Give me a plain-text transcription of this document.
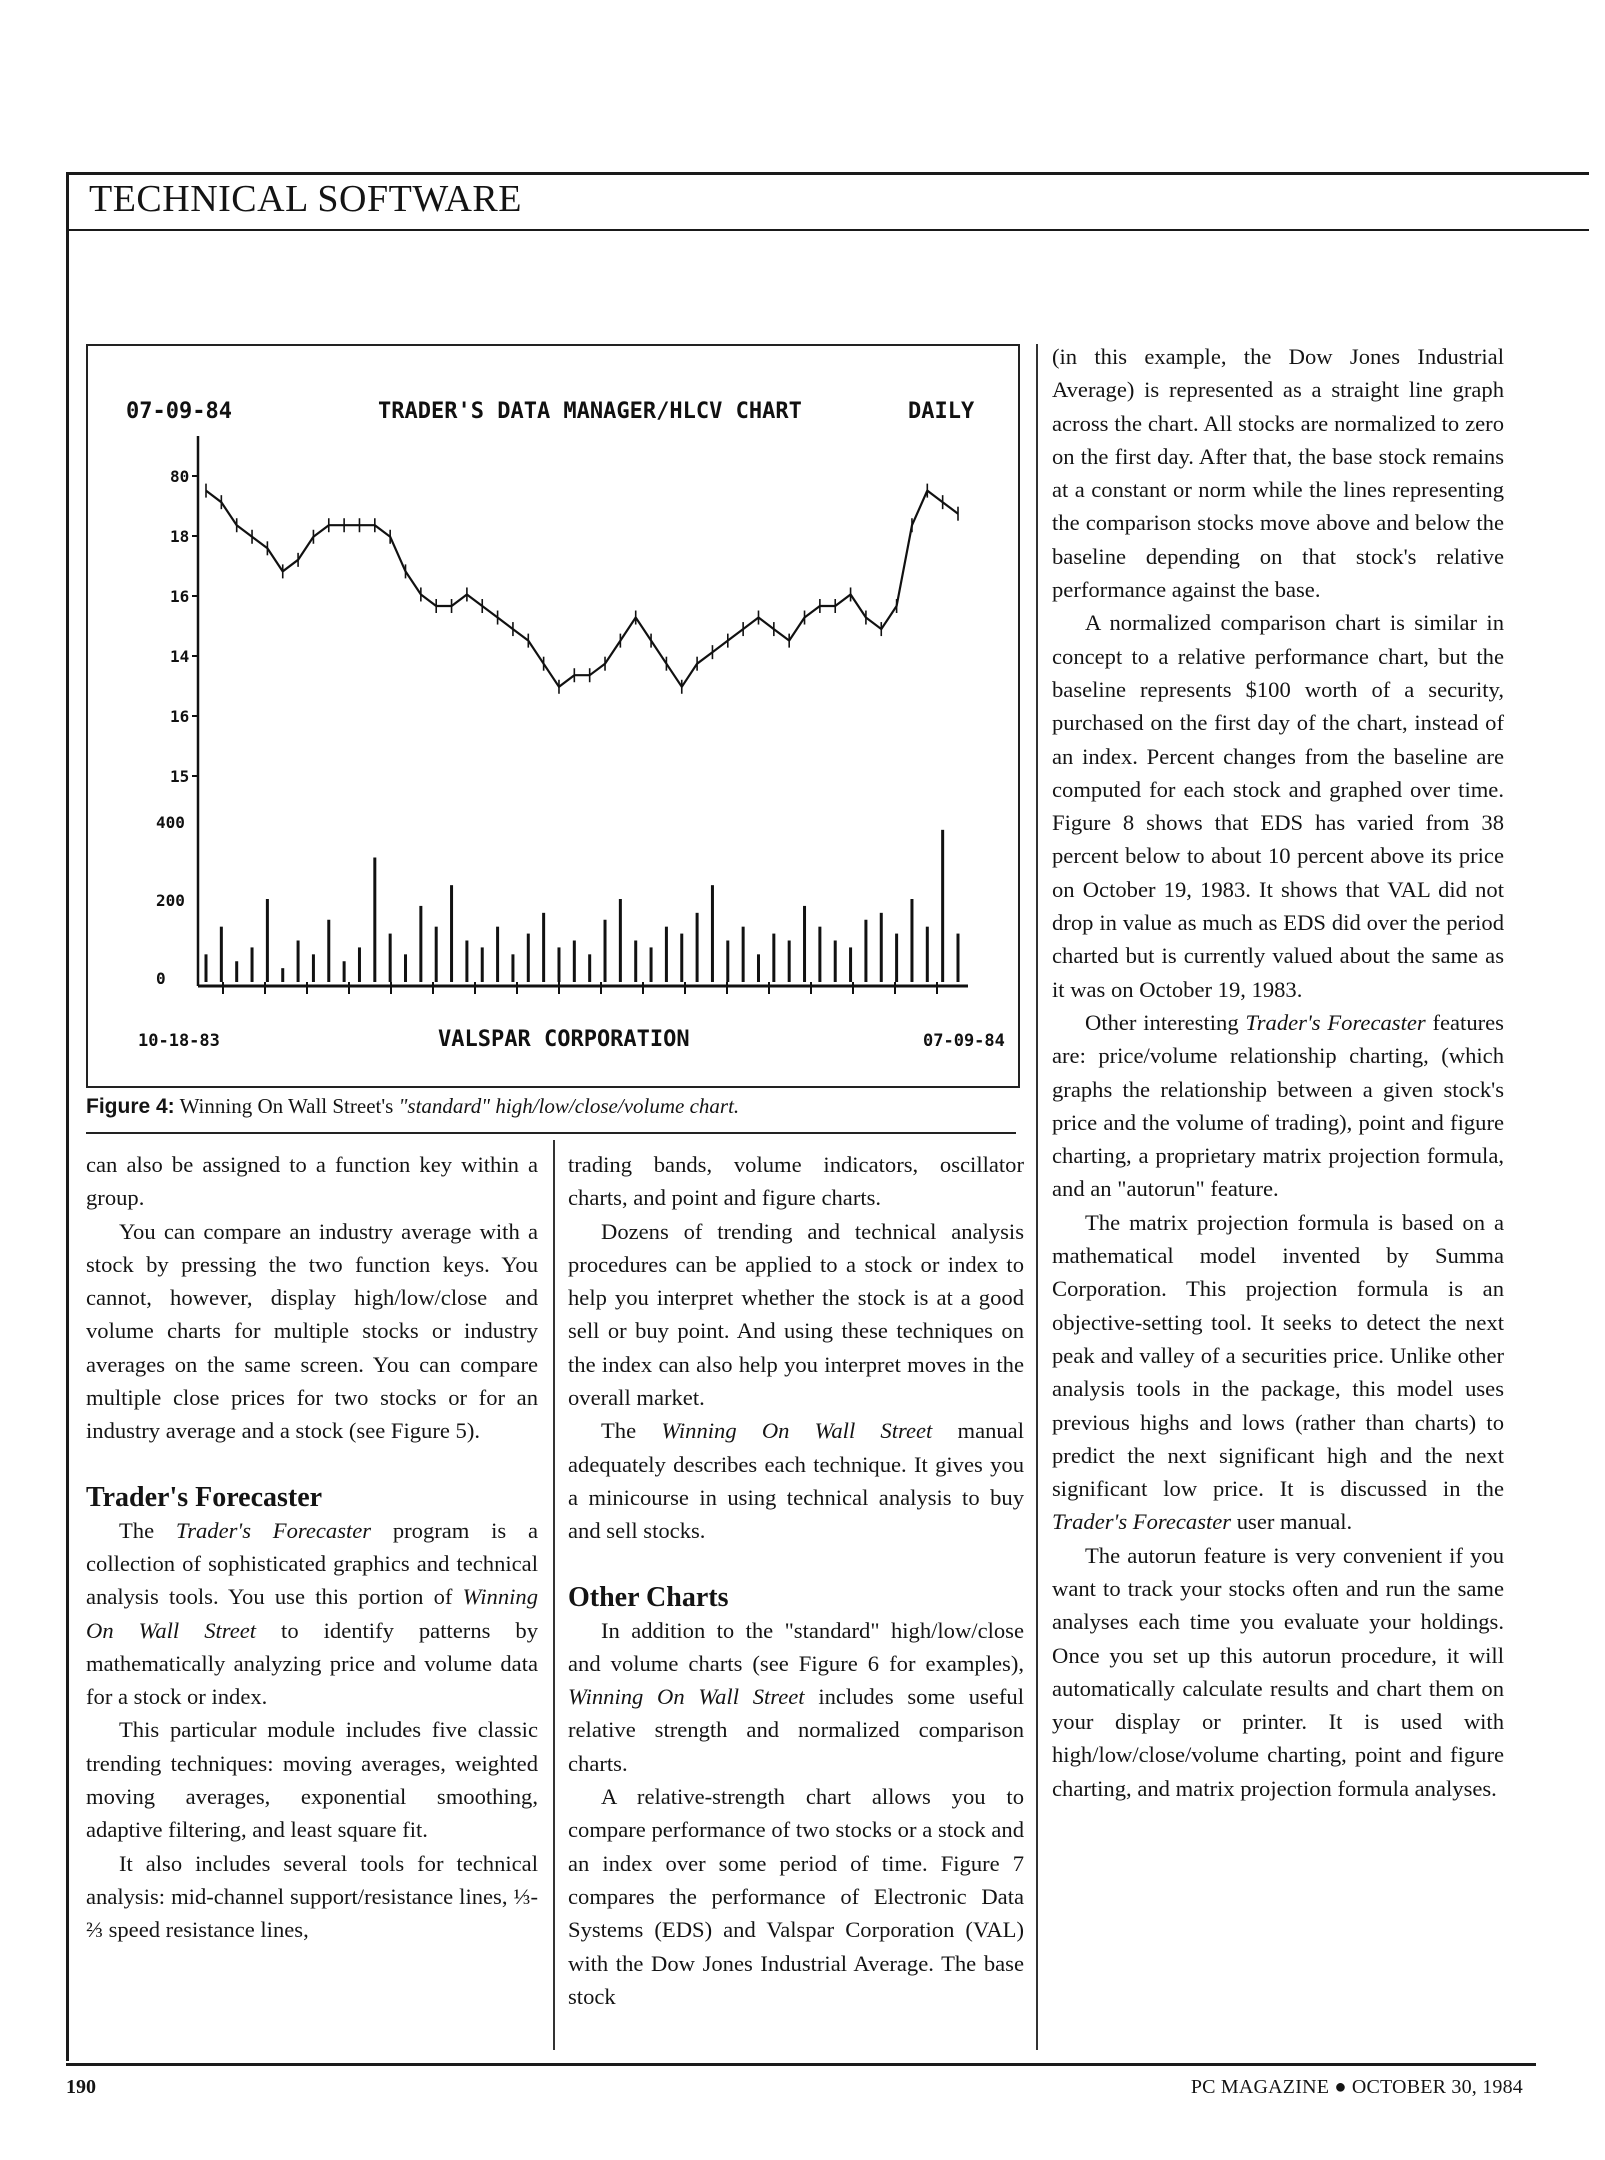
TECHNICAL SOFTWARE
07-09-84	TRADER'S DATA MANAGER/HLCV CHART	DAILY
80
18
16
14
16
15
400
200
0
10-18-83	VALSPAR CORPORATION	07-09-84
Figure 4: Winning On Wall Street's "standard" high/low/close/volume chart.

can also be assigned to a function key within a group.

You can compare an industry average with a stock by pressing the two function keys. You cannot, however, display high/low/close and volume charts for multiple stocks or industry averages on the same screen. You can compare multiple close prices for two stocks or for an industry average and a stock (see Figure 5).

Trader's Forecaster

The Trader's Forecaster program is a collection of sophisticated graphics and technical analysis tools. You use this portion of Winning On Wall Street to identify patterns by mathematically analyzing price and volume data for a stock or index.

This particular module includes five classic trending techniques: moving averages, weighted moving averages, exponential smoothing, adaptive filtering, and least square fit.

It also includes several tools for technical analysis: mid-channel support/resistance lines, ⅓-⅔ speed resistance lines,

trading bands, volume indicators, oscillator charts, and point and figure charts.

Dozens of trending and technical analysis procedures can be applied to a stock or index to help you interpret whether the stock is at a good sell or buy point. And using these techniques on the index can also help you interpret moves in the overall market.

The Winning On Wall Street manual adequately describes each technique. It gives you a minicourse in using technical analysis to buy and sell stocks.

Other Charts

In addition to the "standard" high/low/close and volume charts (see Figure 6 for examples), Winning On Wall Street includes some useful relative strength and normalized comparison charts.

A relative-strength chart allows you to compare performance of two stocks or a stock and an index over some period of time. Figure 7 compares the performance of Electronic Data Systems (EDS) and Valspar Corporation (VAL) with the Dow Jones Industrial Average. The base stock

(in this example, the Dow Jones Industrial Average) is represented as a straight line graph across the chart. All stocks are normalized to zero on the first day. After that, the base stock remains at a constant or norm while the lines representing the comparison stocks move above and below the baseline depending on that stock's relative performance against the base.

A normalized comparison chart is similar in concept to a relative performance chart, but the baseline represents $100 worth of a security, purchased on the first day of the chart, instead of an index. Percent changes from the baseline are computed for each stock and graphed over time. Figure 8 shows that EDS has varied from 38 percent below to about 10 percent above its price on October 19, 1983. It shows that VAL did not drop in value as much as EDS did over the period charted but is currently valued about the same as it was on October 19, 1983.

Other interesting Trader's Forecaster features are: price/volume relationship charting, (which graphs the relationship between a given stock's price and the volume of trading), point and figure charting, a proprietary matrix projection formula, and an "autorun" feature.

The matrix projection formula is based on a mathematical model invented by Summa Corporation. This projection formula is an objective-setting tool. It seeks to detect the next peak and valley of a securities price. Unlike other analysis tools in the package, this model uses previous highs and lows (rather than charts) to predict the next significant high and the next significant low price. It is discussed in the Trader's Forecaster user manual.

The autorun feature is very convenient if you want to track your stocks often and run the same analyses each time you evaluate your holdings. Once you set up this autorun procedure, it will automatically calculate results and chart them on your display or printer. It is used with high/low/close/volume charting, point and figure charting, and matrix projection formula analyses.

190	PC MAGAZINE ● OCTOBER 30, 1984
